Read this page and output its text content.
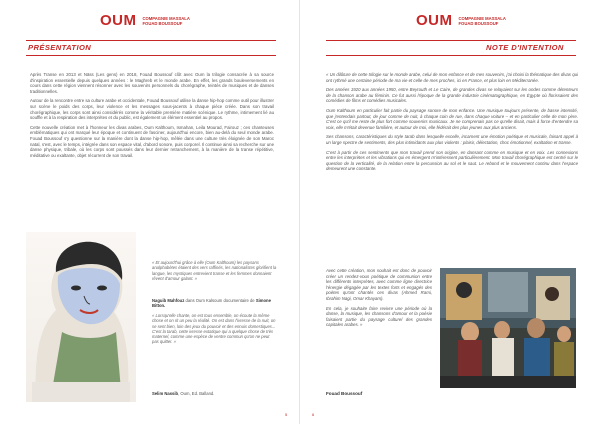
OUM COMPAGNIE MASSALA
FOUAD BOUSSOUF
PRÉSENTATION

Après Transe en 2013 et Näss (Les gens) en 2018, Fouad Boussouf clôt avec Oum la trilogie consacrée à sa source d'inspiration essentielle depuis quelques années : le Maghreb et le monde arabe. En effet, les grands bouleversements en cours dans cette région viennent résonner avec les souvenirs personnels du chorégraphe, teintés de musiques et de danses traditionnelles.

Autour de la rencontre entre sa culture arabe et occidentale, Fouad Boussouf utilise la danse hip-hop comme outil pour illustrer sur scène le poids des corps, leur violence et les messages sous-jacents à chaque pièce créée. Dans son travail chorégraphique, les corps sont ainsi considérés comme la véritable première matière scénique. Le rythme, intimement lié au souffle et à la respiration des interprètes et du public, est également un élément essentiel au propos.

Cette nouvelle création met à l'honneur les divas arabes, Oum Kalthoum, Ismahan, Leila Mourad, Fairouz ; ces chanteuses emblématiques qui ont marqué leur époque et continuent de fasciner, aujourd'hui encore, bien au-delà du seul monde arabe. Fouad Boussouf s'y questionne sur la manière dont la danse hip-hop, mêlée dans une culture très éloignée de son Maroc natal, s'est, avec le temps, intégrée dans son espace vital, d'abord sonore, puis corporel. Il continue ainsi sa recherche sur une danse physique, tribale, où les corps sont poussés dans leur dernier retranchement, à la manière de la transe répétitive, méditative ou exaltante, objet récurrent de son travail.

« Et aujourd'hui grâce à elle (Oum Kalthoum) les paysans analphabètes étaient des vers raffinés, les nationalistes glorifient la langue, les mystiques entrevient transe et les femmes donnaient rêvent d'amour galant. »
Naguib Mahfouz dans Oum Kalsoum documentaire de Simone Bitton.
« Lorsqu'elle chante, on est tous ensemble, on écoute la même chose et on rit un peu la réalité. On est dans l'ivresse de la nuit, on se sent bien, loin des jeux du pouvoir et des ennuis domestiques... C'est la tarab, cette ivresse extatique qui a quelque chose de très maternel, comme une espèce de ventre commun qu'on ne peut pas quitter. »
Selim Nassib, Oum, Ed. Balland.
5
OUM COMPAGNIE MASSALA
FOUAD BOUSSOUF
NOTE D'INTENTION

« Un dilôture de cette trilogie sur le monde arabe, celui de mon enfance et de mes souvenirs, j'ai choisi la thématique des divas qui ont rythmé une certaine période de ma vie et celle de mes proches, ici en France, et plus loin en Méditerranée.

Des années 1920 aux années 1950, entre Beyrouth et Le Caire, de grandes divas se relayaient sur les ondes comme détenteurs de la chanson arabe au féminin. Ce fut aussi l'époque de la grande industrie cinématographique, en Égypte où florissaient des comédies de films et comédies musicales.

Oum Kalthoum en particulier fait partie du paysage sonore de mon enfance. Une musique toujours présente, de basse intensité, que j'entendais partout, de jour comme de nuit, à chaque coin de rue, dans chaque voiture – et en particulier celle de mon père. C'est ce qu'il me reste de plus fort comme souvenirs musicaux. Je ne comprenais pas ce qu'elle disait, mais à force d'entendre sa voix, elle m'était devenue familière, et autour de moi, elle fédérait des plus jeunes aux plus anciens.

Ses chansons, caractéristiques du style tarab dans lesquelle excelle, incarnent une émotion poétique et musicale, faisant appel à un large spectre de sentiments, des plus intimidants aux plus violents : plaisir, délectation, choc émotionnel, exaltation et transe.

C'est à partir de ces sentiments que mon travail prend son origine, en dansant comme en musique et en voix. Les connexions entre les interprètes et les vibrations qui en émergent m'intéressent particulièrement. Mon travail chorégraphique est centré sur le question de la verticalité, de la relation entre la percussion au sol et le saut. Le rebond et le mouvement continu dans l'espace demeurent une constante.

Avec cette création, mon souhait est donc de pouvoir créer un rendez-vous poétique de communion entre les différents interprètes, avec comme ligne directrice l'énergie dégagée par les textes forts et engagés des poètes qu'ont chantés ces divas (Ahmed Rami, Ibrahim Nagi, Omar Khayam).

En cela, je souhaite faire revivre une période où la danse, la musique, les chansons d'amour et la poésie faisaient partie du paysage culturel des grandes capitales arabes. »

Fouad Boussouf
6
